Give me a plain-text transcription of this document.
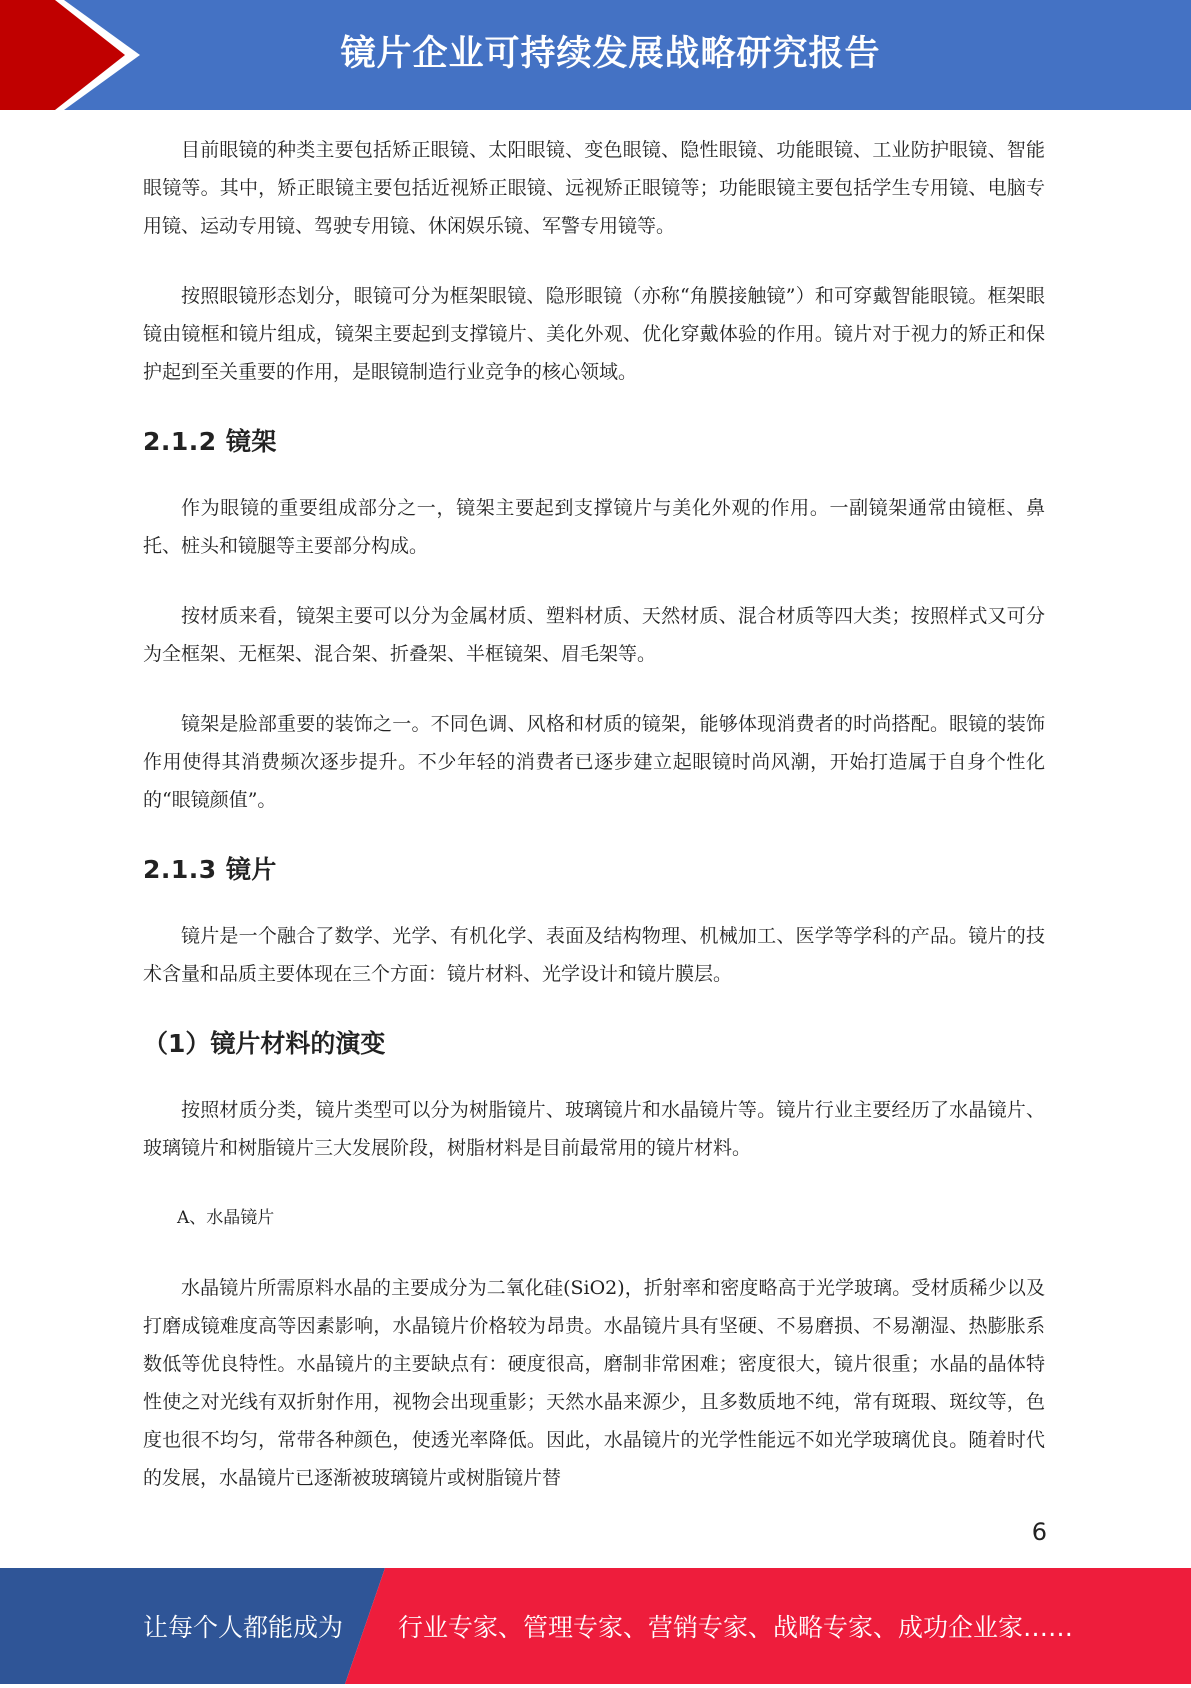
镜片企业可持续发展战略研究报告

目前眼镜的种类主要包括矫正眼镜、太阳眼镜、变色眼镜、隐性眼镜、功能眼镜、工业防护眼镜、智能眼镜等。其中，矫正眼镜主要包括近视矫正眼镜、远视矫正眼镜等；功能眼镜主要包括学生专用镜、电脑专用镜、运动专用镜、驾驶专用镜、休闲娱乐镜、军警专用镜等。

按照眼镜形态划分，眼镜可分为框架眼镜、隐形眼镜（亦称“角膜接触镜”）和可穿戴智能眼镜。框架眼镜由镜框和镜片组成，镜架主要起到支撑镜片、美化外观、优化穿戴体验的作用。镜片对于视力的矫正和保护起到至关重要的作用，是眼镜制造行业竞争的核心领域。

2.1.2 镜架

作为眼镜的重要组成部分之一，镜架主要起到支撑镜片与美化外观的作用。一副镜架通常由镜框、鼻托、桩头和镜腿等主要部分构成。

按材质来看，镜架主要可以分为金属材质、塑料材质、天然材质、混合材质等四大类；按照样式又可分为全框架、无框架、混合架、折叠架、半框镜架、眉毛架等。

镜架是脸部重要的装饰之一。不同色调、风格和材质的镜架，能够体现消费者的时尚搭配。眼镜的装饰作用使得其消费频次逐步提升。不少年轻的消费者已逐步建立起眼镜时尚风潮，开始打造属于自身个性化的“眼镜颜值”。

2.1.3 镜片

镜片是一个融合了数学、光学、有机化学、表面及结构物理、机械加工、医学等学科的产品。镜片的技术含量和品质主要体现在三个方面：镜片材料、光学设计和镜片膜层。

（1）镜片材料的演变

按照材质分类，镜片类型可以分为树脂镜片、玻璃镜片和水晶镜片等。镜片行业主要经历了水晶镜片、玻璃镜片和树脂镜片三大发展阶段，树脂材料是目前最常用的镜片材料。

A、水晶镜片

水晶镜片所需原料水晶的主要成分为二氧化硅(SiO2)，折射率和密度略高于光学玻璃。受材质稀少以及打磨成镜难度高等因素影响，水晶镜片价格较为昂贵。水晶镜片具有坚硬、不易磨损、不易潮湿、热膨胀系数低等优良特性。水晶镜片的主要缺点有：硬度很高，磨制非常困难；密度很大，镜片很重；水晶的晶体特性使之对光线有双折射作用，视物会出现重影；天然水晶来源少，且多数质地不纯，常有斑瑕、斑纹等，色度也很不均匀，常带各种颜色，使透光率降低。因此，水晶镜片的光学性能远不如光学玻璃优良。随着时代的发展，水晶镜片已逐渐被玻璃镜片或树脂镜片替

6
让每个人都能成为 行业专家、管理专家、营销专家、战略专家、成功企业家……
